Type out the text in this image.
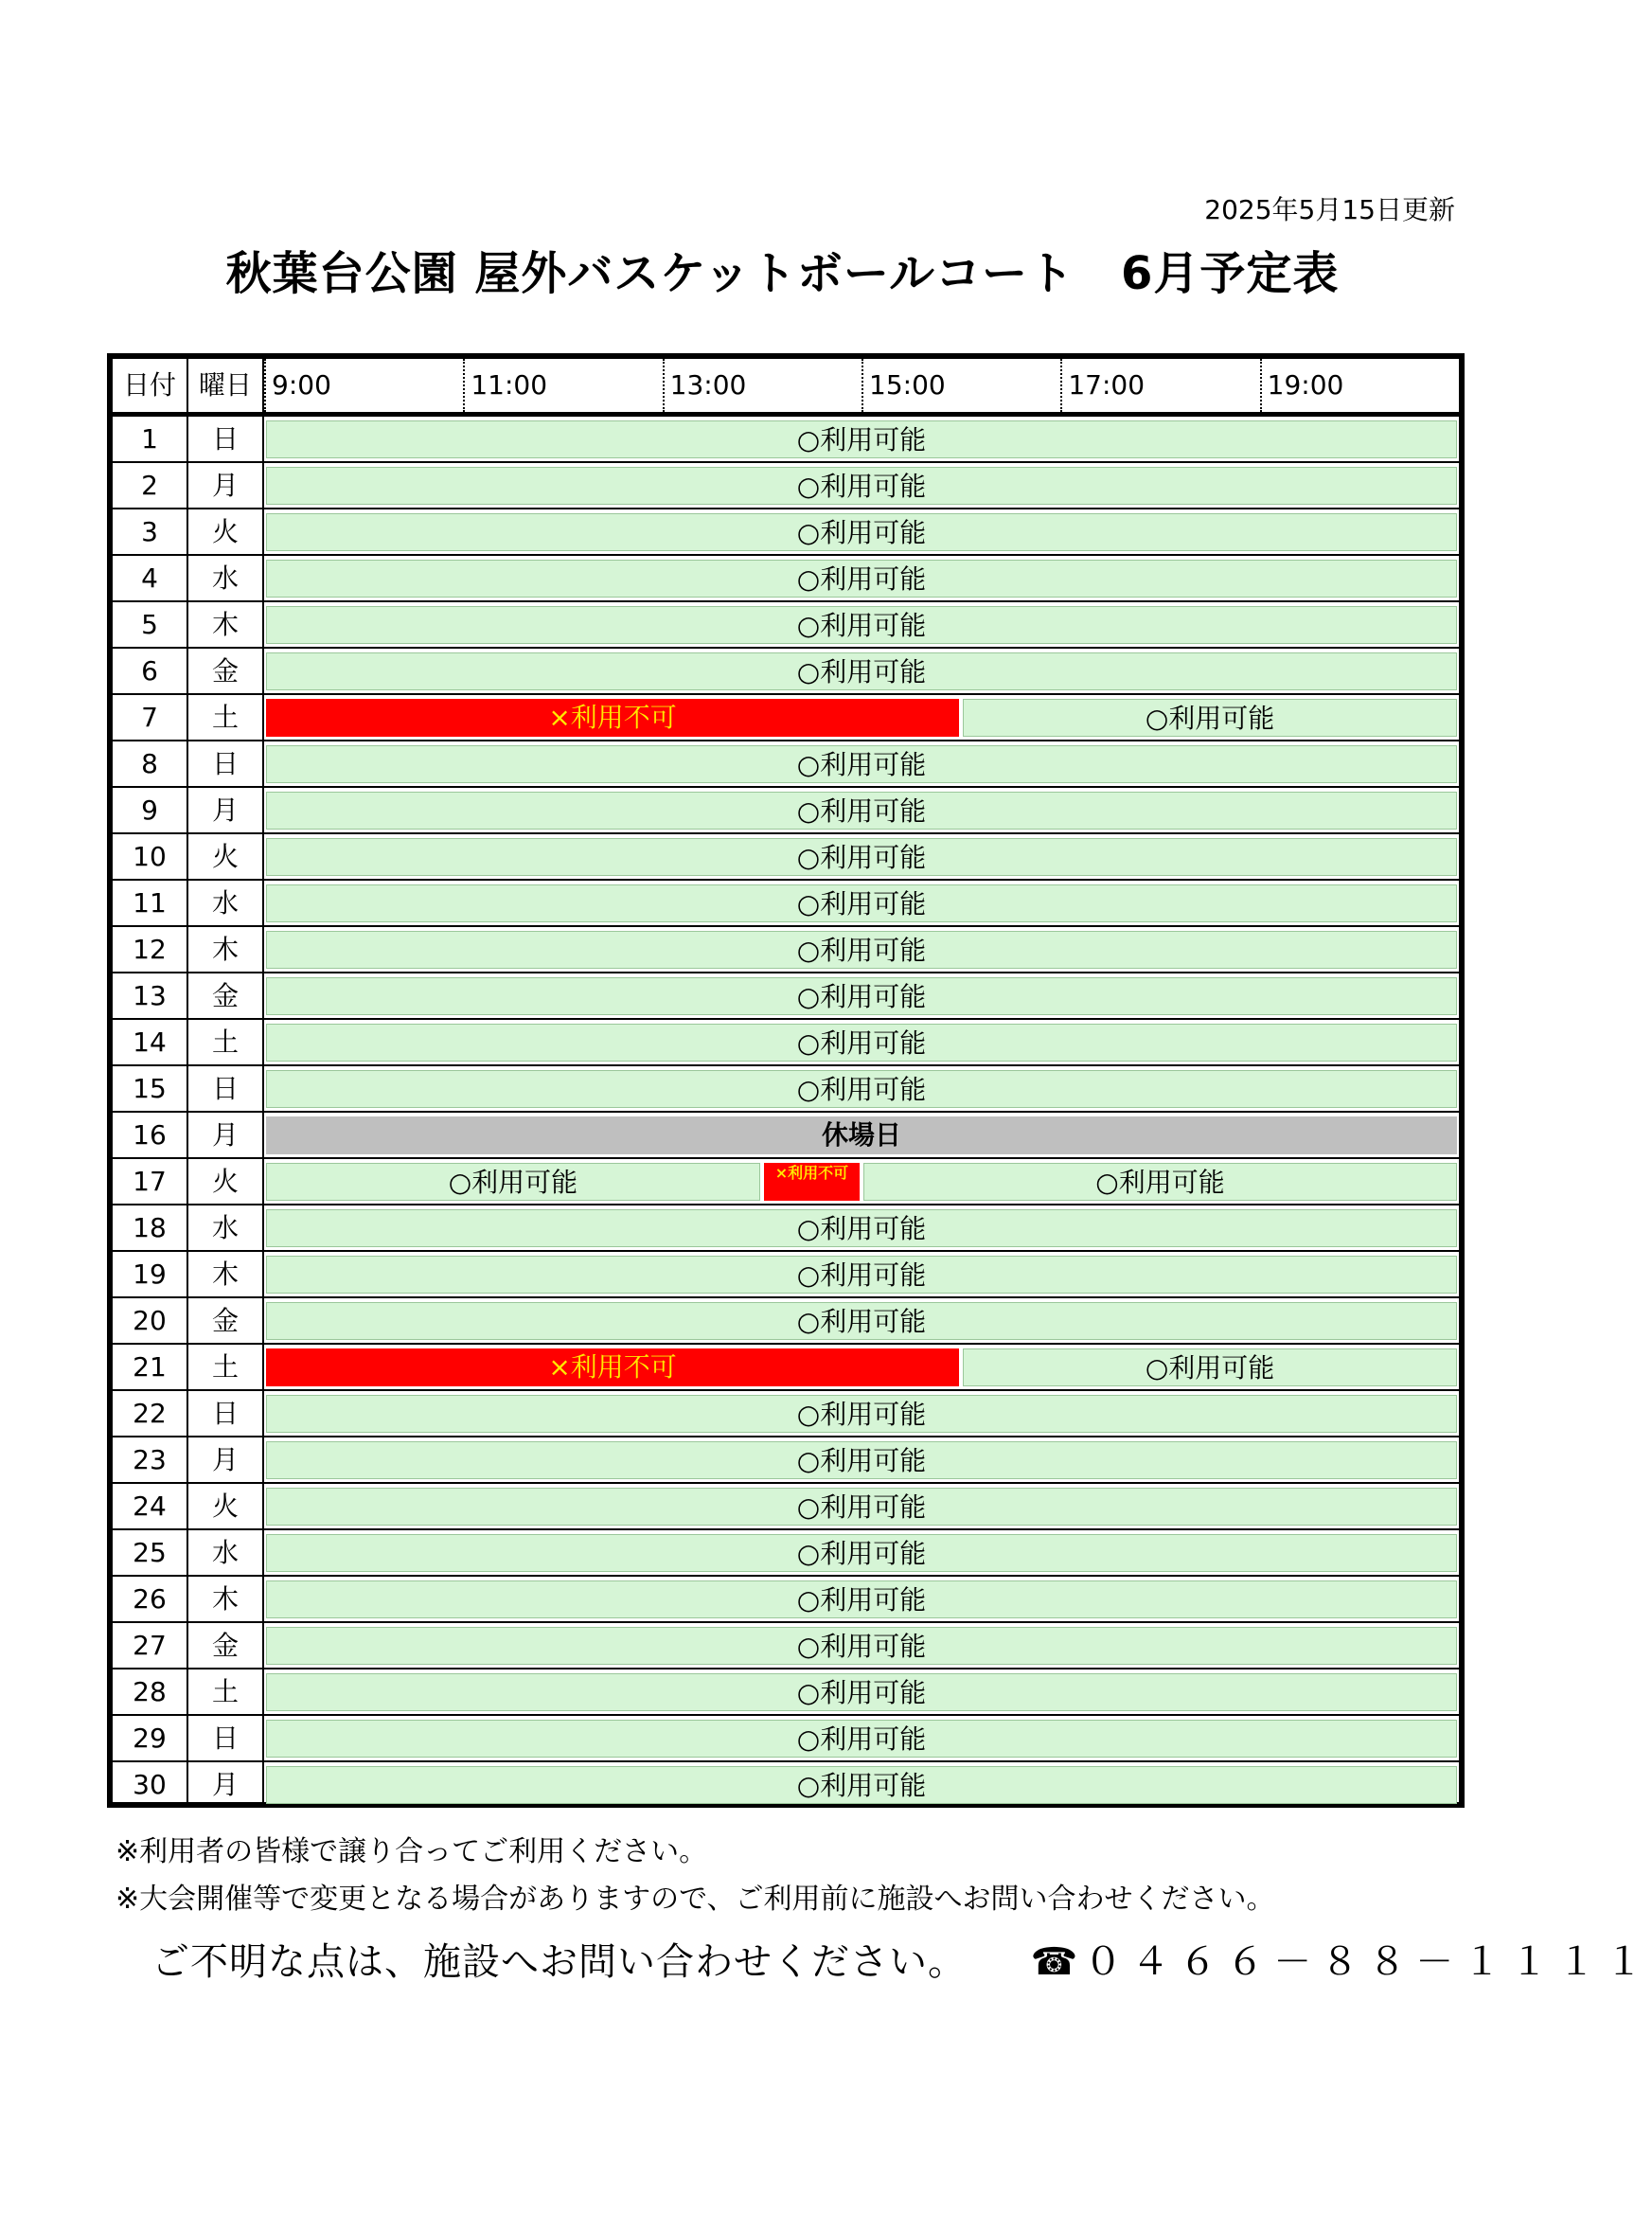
2025年5月15日更新
秋葉台公園 屋外バスケットボールコート　6月予定表
日付 曜日 9:00	11:00	13:00	15:00	17:00	19:00
1	日	○利用可能
2	月	○利用可能
3	火	○利用可能
4	水	○利用可能
5	木	○利用可能
6	金	○利用可能
7	土	×利用不可	○利用可能
8	日	○利用可能
9	月	○利用可能
10	火	○利用可能
11	水	○利用可能
12	木	○利用可能
13	金	○利用可能
14	土	○利用可能
15	日	○利用可能
16	月	休場日
17	火	○利用可能	×利用不可	○利用可能
18	水	○利用可能
19	木	○利用可能
20	金	○利用可能
21	土	×利用不可	○利用可能
22	日	○利用可能
23	月	○利用可能
24	火	○利用可能
25	水	○利用可能
26	木	○利用可能
27	金	○利用可能
28	土	○利用可能
29	日	○利用可能
30	月	○利用可能
※利用者の皆様で譲り合ってご利用ください。
※大会開催等で変更となる場合がありますので、ご利用前に施設へお問い合わせください。
ご不明な点は、施設へお問い合わせください。 ☎ ０４６６－８８－１１１１
